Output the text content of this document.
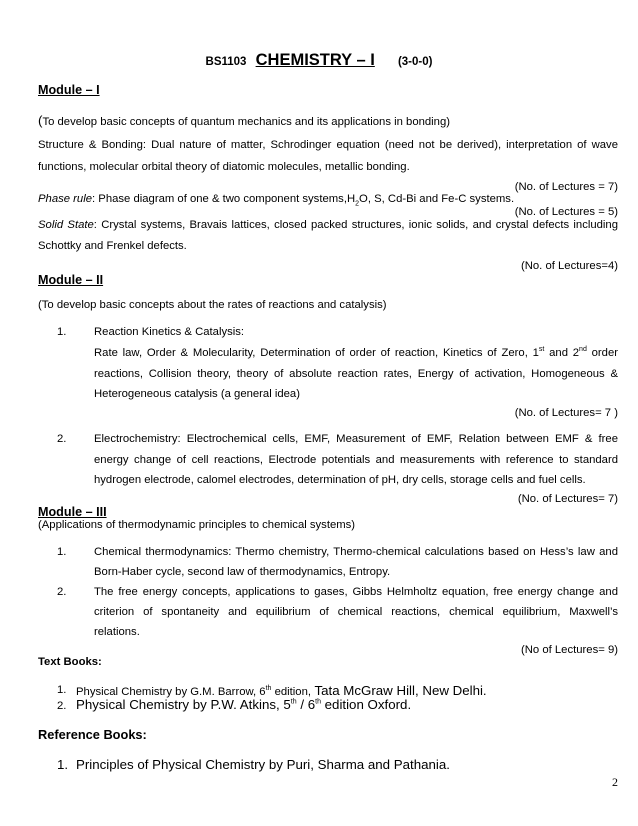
BS1103 CHEMISTRY – I (3-0-0)
Module – I
(To develop basic concepts of quantum mechanics and its applications in bonding)
Structure & Bonding: Dual nature of matter, Schrodinger equation (need not be derived), interpretation of wave
functions, molecular orbital theory of diatomic molecules, metallic bonding.
(No. of Lectures = 7)
Phase rule: Phase diagram of one & two component $systems,H_2O$, S, Cd-Bi and Fe-C systems.
(No. of Lectures = 5)
Solid State: Crystal systems, Bravais lattices, closed packed structures, ionic solids, and crystal defects including
Schottky and Frenkel defects.
(No. of Lectures=4)
Module – II
(To develop basic concepts about the rates of reactions and catalysis)
1. Reaction Kinetics & Catalysis:
Rate law, Order & Molecularity, Determination of order of reaction, Kinetics of Zero, 1st and 2nd order
reactions, Collision theory, theory of absolute reaction rates, Energy of activation, Homogeneous &
Heterogeneous catalysis (a general idea)
(No. of Lectures= 7 )
2. Electrochemistry: Electrochemical cells, EMF, Measurement of EMF, Relation between EMF & free
energy change of cell reactions, Electrode potentials and measurements with reference to standard
hydrogen electrode, calomel electrodes, determination of pH, dry cells, storage cells and fuel cells.
(No. of Lectures= 7)
Module – III
(Applications of thermodynamic principles to chemical systems)
1. Chemical thermodynamics: Thermo chemistry, Thermo-chemical calculations based on Hess’s law and
Born-Haber cycle, second law of thermodynamics, Entropy.
2. The free energy concepts, applications to gases, Gibbs Helmholtz equation, free energy change and
criterion of spontaneity and equilibrium of chemical reactions, chemical equilibrium, Maxwell’s
relations.
(No of Lectures= 9)
Text Books:
1. Physical Chemistry by G.M. Barrow, 6th edition, Tata McGraw Hill, New Delhi.
2. Physical Chemistry by P.W. Atkins, 5th / 6th edition Oxford.
Reference Books:
1. Principles of Physical Chemistry by Puri, Sharma and Pathania.
2
